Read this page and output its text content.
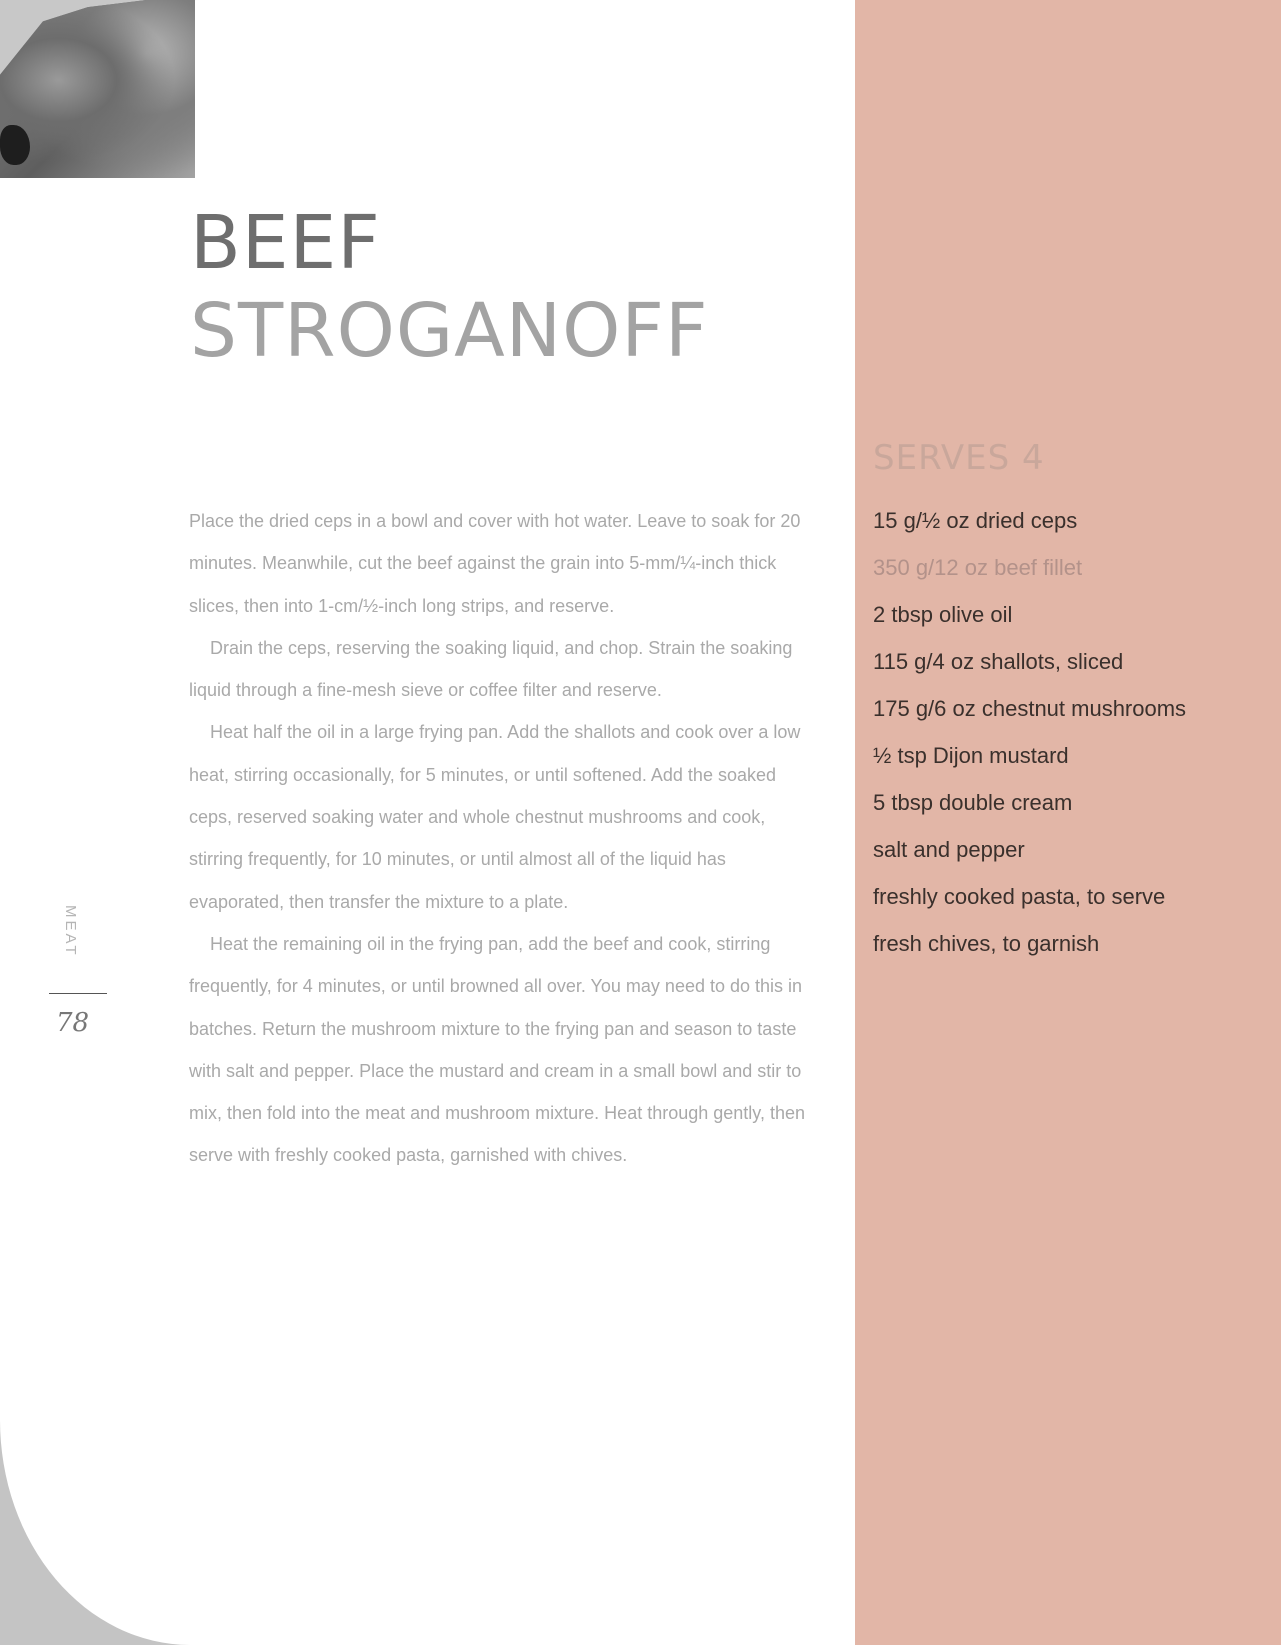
BEEF
STROGANOFF

Place the dried ceps in a bowl and cover with hot water. Leave to soak for 20 minutes. Meanwhile, cut the beef against the grain into 5-mm/¼-inch thick slices, then into 1-cm/½-inch long strips, and reserve.

Drain the ceps, reserving the soaking liquid, and chop. Strain the soaking liquid through a fine-mesh sieve or coffee filter and reserve.

Heat half the oil in a large frying pan. Add the shallots and cook over a low heat, stirring occasionally, for 5 minutes, or until softened. Add the soaked ceps, reserved soaking water and whole chestnut mushrooms and cook, stirring frequently, for 10 minutes, or until almost all of the liquid has evaporated, then transfer the mixture to a plate.

Heat the remaining oil in the frying pan, add the beef and cook, stirring frequently, for 4 minutes, or until browned all over. You may need to do this in batches. Return the mushroom mixture to the frying pan and season to taste with salt and pepper. Place the mustard and cream in a small bowl and stir to mix, then fold into the meat and mushroom mixture. Heat through gently, then serve with freshly cooked pasta, garnished with chives.

MEAT
78
SERVES 4
15 g/½ oz dried ceps
350 g/12 oz beef fillet
2 tbsp olive oil
115 g/4 oz shallots, sliced
175 g/6 oz chestnut mushrooms
½ tsp Dijon mustard
5 tbsp double cream
salt and pepper
freshly cooked pasta, to serve
fresh chives, to garnish
